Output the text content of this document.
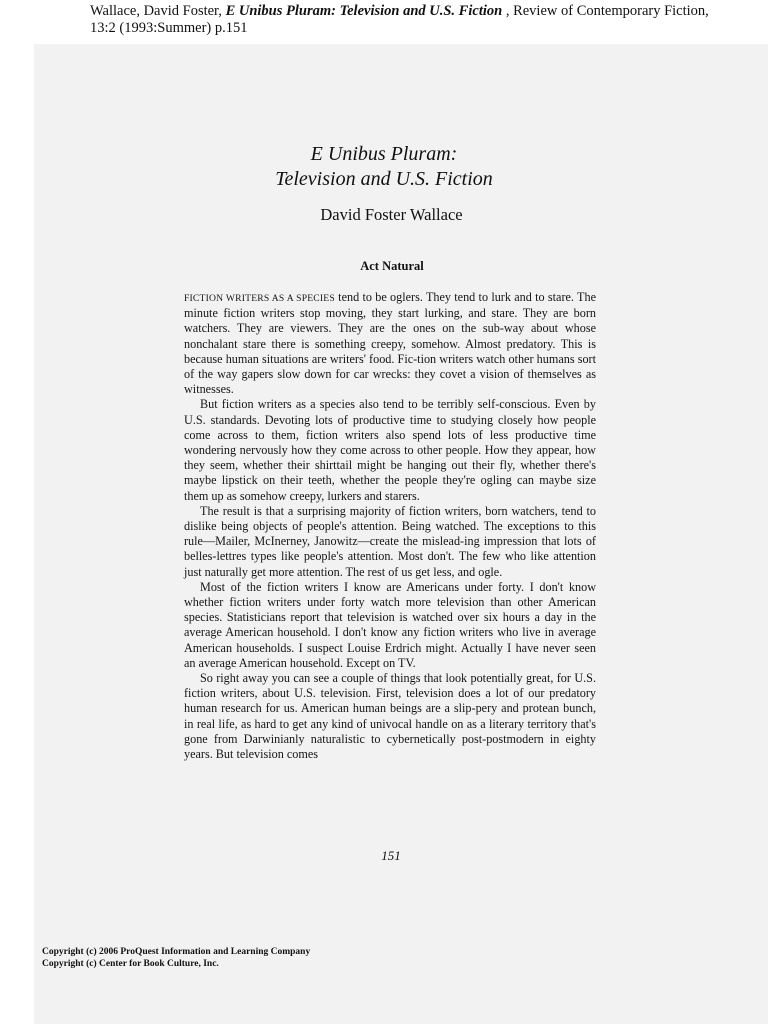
Wallace, David Foster, E Unibus Pluram: Television and U.S. Fiction , Review of Contemporary Fiction, 13:2 (1993:Summer) p.151
E Unibus Pluram:
Television and U.S. Fiction
David Foster Wallace
Act Natural

FICTION WRITERS AS A SPECIES tend to be oglers. They tend to lurk and to stare. The minute fiction writers stop moving, they start lurking, and stare. They are born watchers. They are viewers. They are the ones on the sub-way about whose nonchalant stare there is something creepy, somehow. Almost predatory. This is because human situations are writers' food. Fic-tion writers watch other humans sort of the way gapers slow down for car wrecks: they covet a vision of themselves as witnesses.

But fiction writers as a species also tend to be terribly self-conscious. Even by U.S. standards. Devoting lots of productive time to studying closely how people come across to them, fiction writers also spend lots of less productive time wondering nervously how they come across to other people. How they appear, how they seem, whether their shirttail might be hanging out their fly, whether there's maybe lipstick on their teeth, whether the people they're ogling can maybe size them up as somehow creepy, lurkers and starers.

The result is that a surprising majority of fiction writers, born watchers, tend to dislike being objects of people's attention. Being watched. The exceptions to this rule—Mailer, McInerney, Janowitz—create the mislead-ing impression that lots of belles-lettres types like people's attention. Most don't. The few who like attention just naturally get more attention. The rest of us get less, and ogle.

Most of the fiction writers I know are Americans under forty. I don't know whether fiction writers under forty watch more television than other American species. Statisticians report that television is watched over six hours a day in the average American household. I don't know any fiction writers who live in average American households. I suspect Louise Erdrich might. Actually I have never seen an average American household. Except on TV.

So right away you can see a couple of things that look potentially great, for U.S. fiction writers, about U.S. television. First, television does a lot of our predatory human research for us. American human beings are a slip-pery and protean bunch, in real life, as hard to get any kind of univocal handle on as a literary territory that's gone from Darwinianly naturalistic to cybernetically post-postmodern in eighty years. But television comes

151
Copyright (c) 2006 ProQuest Information and Learning Company
Copyright (c) Center for Book Culture, Inc.
